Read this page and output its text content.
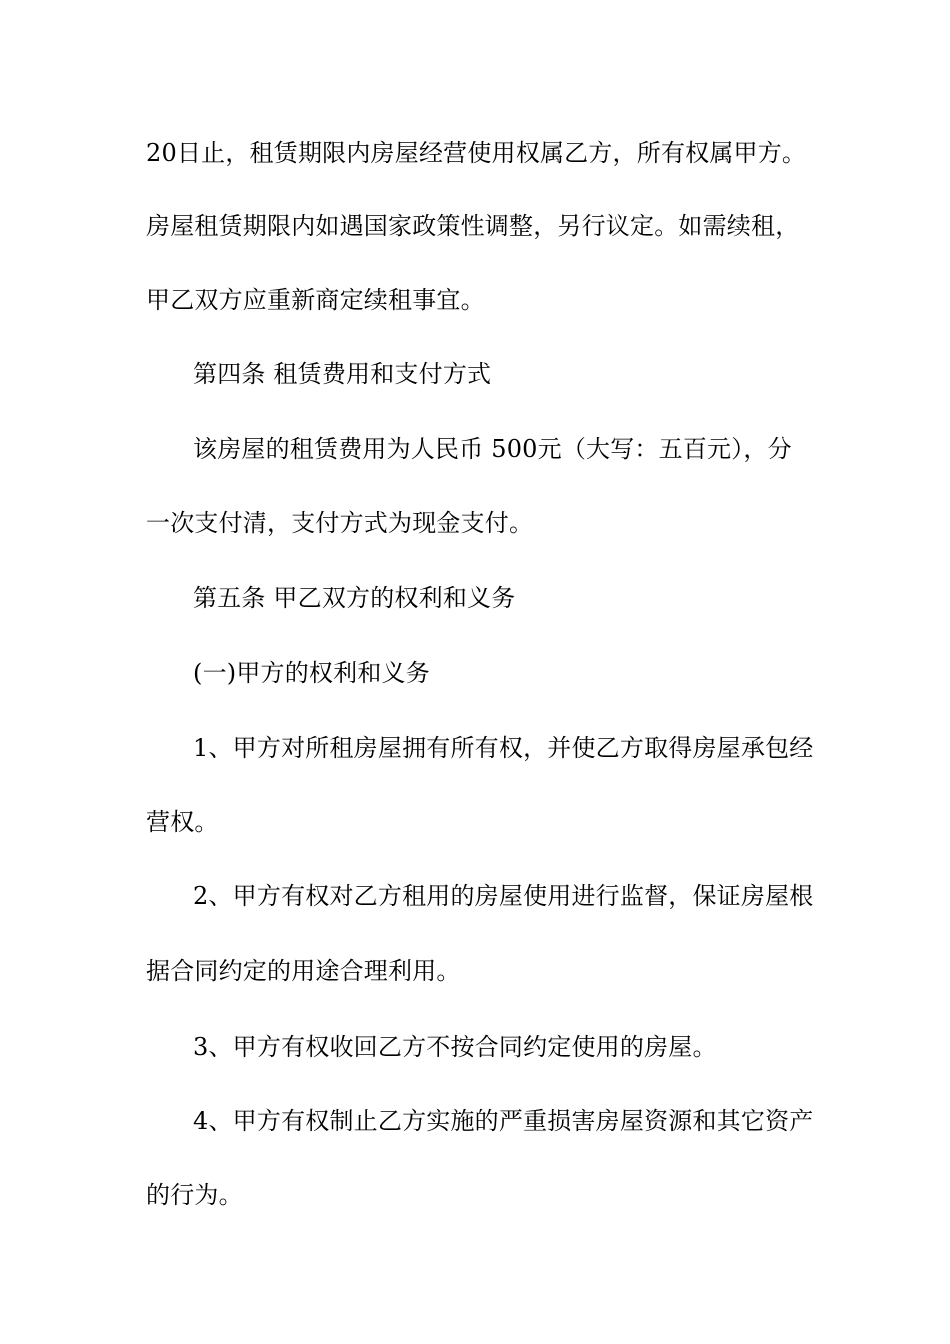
20日止，租赁期限内房屋经营使用权属乙方，所有权属甲方。
房屋租赁期限内如遇国家政策性调整，另行议定。如需续租，
甲乙双方应重新商定续租事宜。
第四条 租赁费用和支付方式
该房屋的租赁费用为人民币 500元（大写：五百元），分
一次支付清，支付方式为现金支付。
第五条 甲乙双方的权利和义务
(一)甲方的权利和义务
1、甲方对所租房屋拥有所有权，并使乙方取得房屋承包经
营权。
2、甲方有权对乙方租用的房屋使用进行监督，保证房屋根
据合同约定的用途合理利用。
3、甲方有权收回乙方不按合同约定使用的房屋。
4、甲方有权制止乙方实施的严重损害房屋资源和其它资产
的行为。
